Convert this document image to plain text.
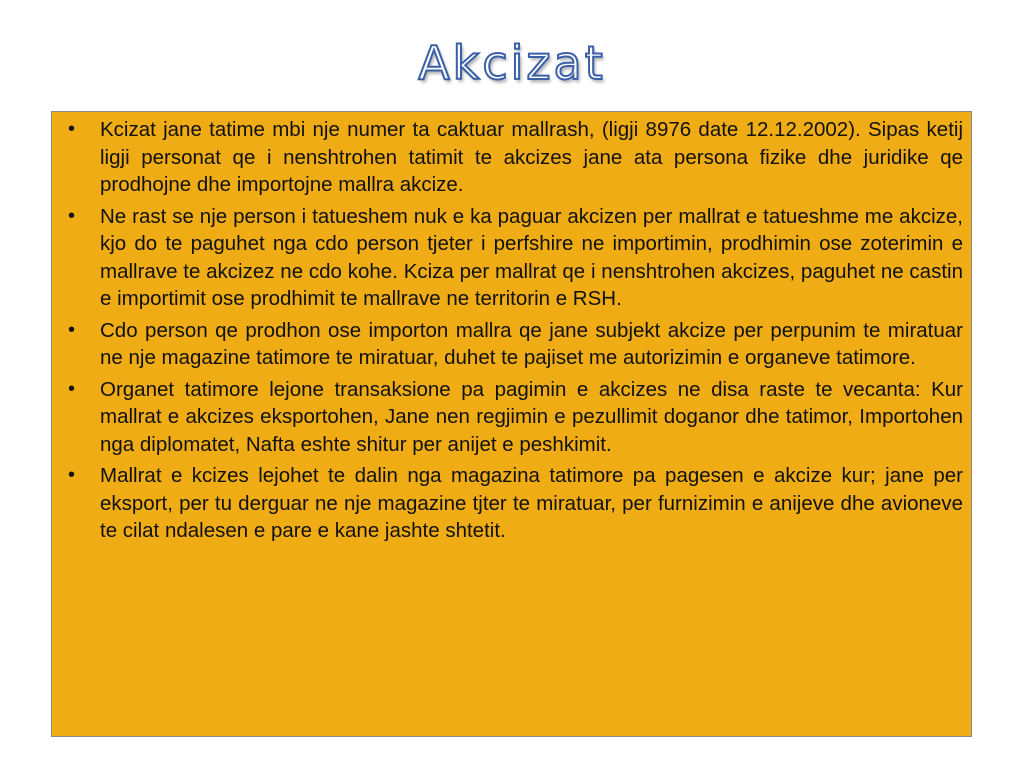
Akcizat
• Kcizat jane tatime mbi nje numer ta caktuar mallrash, (ligji 8976 date 12.12.2002). Sipas ketij ligji personat qe i nenshtrohen tatimit te akcizes jane ata persona fizike dhe juridike qe prodhojne dhe importojne mallra akcize.
• Ne rast se nje person i tatueshem nuk e ka paguar akcizen per mallrat e tatueshme me akcize, kjo do te paguhet nga cdo person tjeter i perfshire ne importimin, prodhimin ose zoterimin e mallrave te akcizez ne cdo kohe. Kciza per mallrat qe i nenshtrohen akcizes, paguhet ne castin e importimit ose prodhimit te mallrave ne territorin e RSH.
• Cdo person qe prodhon ose importon mallra qe jane subjekt akcize per perpunim te miratuar ne nje magazine tatimore te miratuar, duhet te pajiset me autorizimin e organeve tatimore.
• Organet tatimore lejone transaksione pa pagimin e akcizes ne disa raste te vecanta: Kur mallrat e akcizes eksportohen, Jane nen regjimin e pezullimit doganor dhe tatimor, Importohen nga diplomatet, Nafta eshte shitur per anijet e peshkimit.
• Mallrat e kcizes lejohet te dalin nga magazina tatimore pa pagesen e akcize kur; jane per eksport, per tu derguar ne nje magazine tjter te miratuar, per furnizimin e anijeve dhe avioneve te cilat ndalesen e pare e kane jashte shtetit.
